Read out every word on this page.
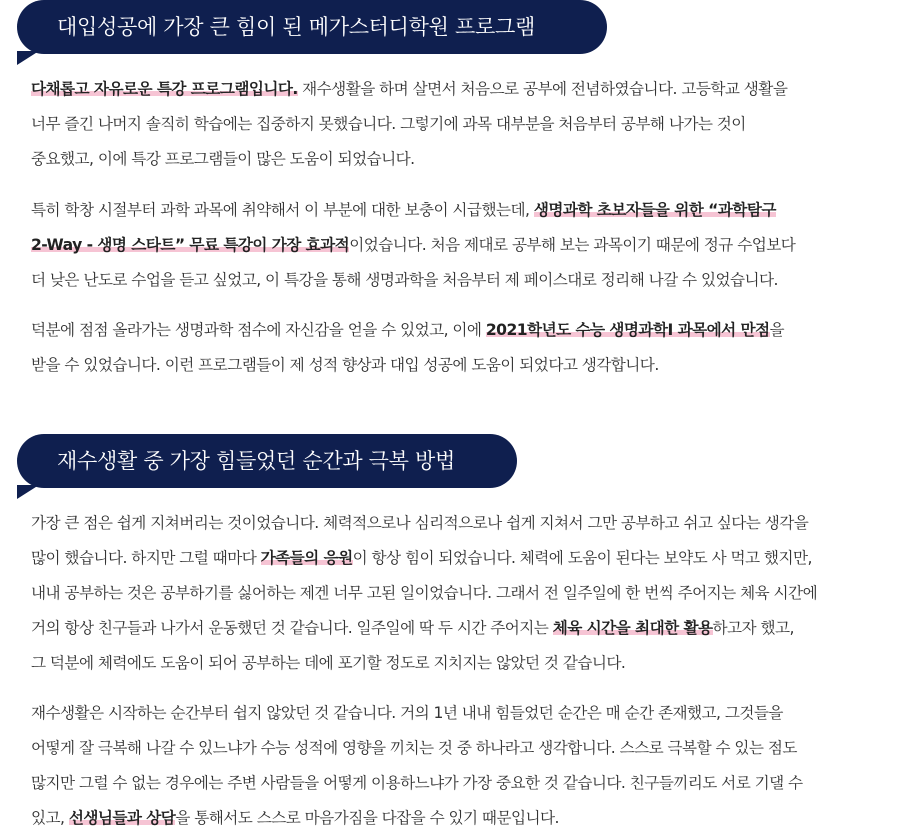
대입성공에 가장 큰 힘이 된 메가스터디학원 프로그램
다채롭고 자유로운 특강 프로그램입니다. 재수생활을 하며 살면서 처음으로 공부에 전념하였습니다. 고등학교 생활을
너무 즐긴 나머지 솔직히 학습에는 집중하지 못했습니다. 그렇기에 과목 대부분을 처음부터 공부해 나가는 것이
중요했고, 이에 특강 프로그램들이 많은 도움이 되었습니다.
특히 학창 시절부터 과학 과목에 취약해서 이 부분에 대한 보충이 시급했는데, 생명과학 초보자들을 위한 “과학탐구
2-Way - 생명 스타트” 무료 특강이 가장 효과적이었습니다. 처음 제대로 공부해 보는 과목이기 때문에 정규 수업보다
더 낮은 난도로 수업을 듣고 싶었고, 이 특강을 통해 생명과학을 처음부터 제 페이스대로 정리해 나갈 수 있었습니다.
덕분에 점점 올라가는 생명과학 점수에 자신감을 얻을 수 있었고, 이에 2021학년도 수능 생명과학Ⅰ 과목에서 만점을
받을 수 있었습니다. 이런 프로그램들이 제 성적 향상과 대입 성공에 도움이 되었다고 생각합니다.
재수생활 중 가장 힘들었던 순간과 극복 방법
가장 큰 점은 쉽게 지쳐버리는 것이었습니다. 체력적으로나 심리적으로나 쉽게 지쳐서 그만 공부하고 쉬고 싶다는 생각을
많이 했습니다. 하지만 그럴 때마다 가족들의 응원이 항상 힘이 되었습니다. 체력에 도움이 된다는 보약도 사 먹고 했지만,
내내 공부하는 것은 공부하기를 싫어하는 제겐 너무 고된 일이었습니다. 그래서 전 일주일에 한 번씩 주어지는 체육 시간에
거의 항상 친구들과 나가서 운동했던 것 같습니다. 일주일에 딱 두 시간 주어지는 체육 시간을 최대한 활용하고자 했고,
그 덕분에 체력에도 도움이 되어 공부하는 데에 포기할 정도로 지치지는 않았던 것 같습니다.
재수생활은 시작하는 순간부터 쉽지 않았던 것 같습니다. 거의 1년 내내 힘들었던 순간은 매 순간 존재했고, 그것들을
어떻게 잘 극복해 나갈 수 있느냐가 수능 성적에 영향을 끼치는 것 중 하나라고 생각합니다. 스스로 극복할 수 있는 점도
많지만 그럴 수 없는 경우에는 주변 사람들을 어떻게 이용하느냐가 가장 중요한 것 같습니다. 친구들끼리도 서로 기댈 수
있고, 선생님들과 상담을 통해서도 스스로 마음가짐을 다잡을 수 있기 때문입니다.
